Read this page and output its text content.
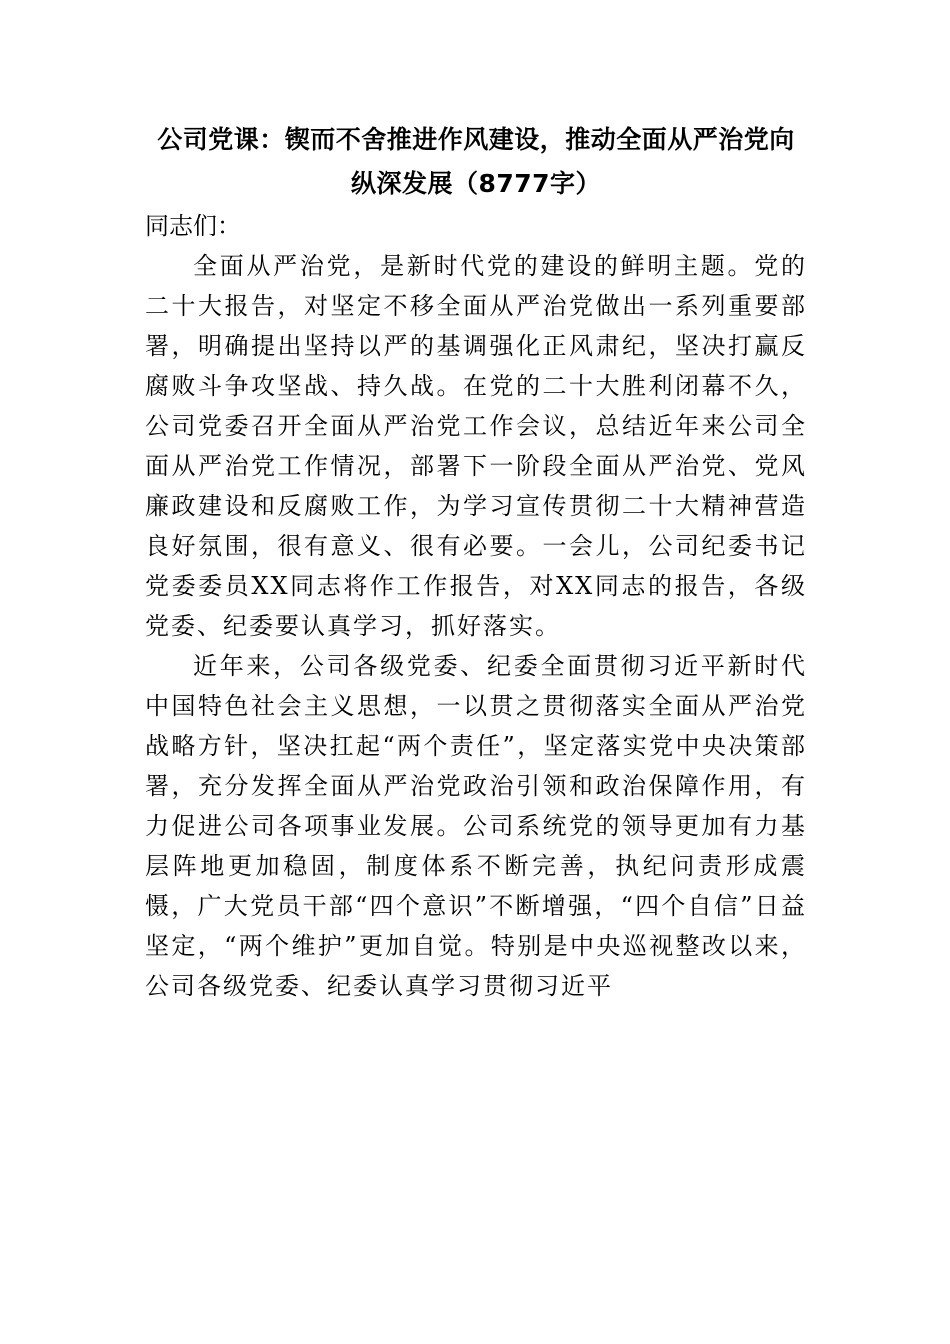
公司党课：锲而不舍推进作风建设，推动全面从严治党向
纵深发展（8777字）

同志们：

全面从严治党，是新时代党的建设的鲜明主题。党的二十大报告，对坚定不移全面从严治党做出一系列重要部署，明确提出坚持以严的基调强化正风肃纪，坚决打赢反腐败斗争攻坚战、持久战。在党的二十大胜利闭幕不久，公司党委召开全面从严治党工作会议，总结近年来公司全面从严治党工作情况，部署下一阶段全面从严治党、党风廉政建设和反腐败工作，为学习宣传贯彻二十大精神营造良好氛围，很有意义、很有必要。一会儿，公司纪委书记党委委员XX同志将作工作报告，对XX同志的报告，各级党委、纪委要认真学习，抓好落实。

近年来，公司各级党委、纪委全面贯彻习近平新时代中国特色社会主义思想，一以贯之贯彻落实全面从严治党战略方针，坚决扛起“两个责任”，坚定落实党中央决策部署，充分发挥全面从严治党政治引领和政治保障作用，有力促进公司各项事业发展。公司系统党的领导更加有力基层阵地更加稳固，制度体系不断完善，执纪问责形成震慑，广大党员干部“四个意识”不断增强，“四个自信”日益坚定，“两个维护”更加自觉。特别是中央巡视整改以来，公司各级党委、纪委认真学习贯彻习近平
